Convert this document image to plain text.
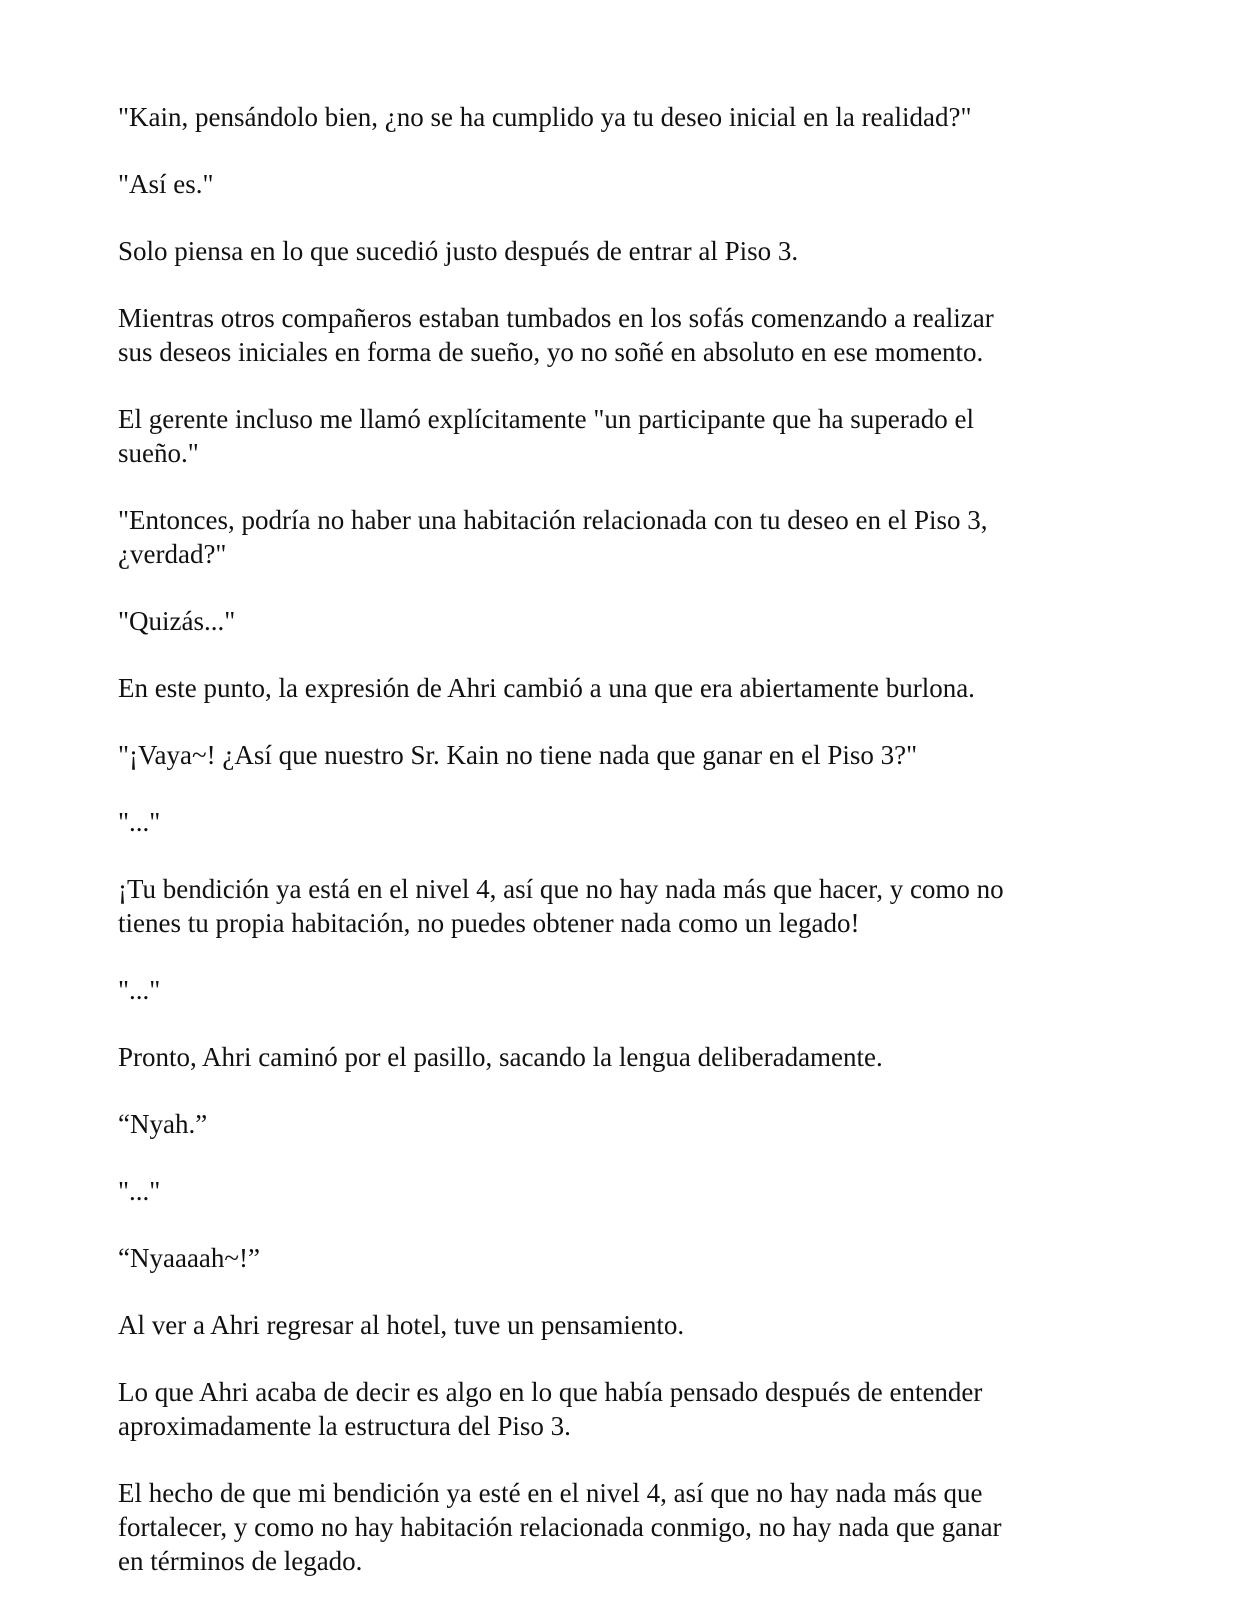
"Kain, pensándolo bien, ¿no se ha cumplido ya tu deseo inicial en la realidad?"

"Así es."

Solo piensa en lo que sucedió justo después de entrar al Piso 3.

Mientras otros compañeros estaban tumbados en los sofás comenzando a realizar
sus deseos iniciales en forma de sueño, yo no soñé en absoluto en ese momento.

El gerente incluso me llamó explícitamente "un participante que ha superado el
sueño."

"Entonces, podría no haber una habitación relacionada con tu deseo en el Piso 3,
¿verdad?"

"Quizás..."

En este punto, la expresión de Ahri cambió a una que era abiertamente burlona.

"¡Vaya~! ¿Así que nuestro Sr. Kain no tiene nada que ganar en el Piso 3?"

"..."

¡Tu bendición ya está en el nivel 4, así que no hay nada más que hacer, y como no
tienes tu propia habitación, no puedes obtener nada como un legado!

"..."

Pronto, Ahri caminó por el pasillo, sacando la lengua deliberadamente.

“Nyah.”

"..."

“Nyaaaah~!”

Al ver a Ahri regresar al hotel, tuve un pensamiento.

Lo que Ahri acaba de decir es algo en lo que había pensado después de entender
aproximadamente la estructura del Piso 3.

El hecho de que mi bendición ya esté en el nivel 4, así que no hay nada más que
fortalecer, y como no hay habitación relacionada conmigo, no hay nada que ganar
en términos de legado.
